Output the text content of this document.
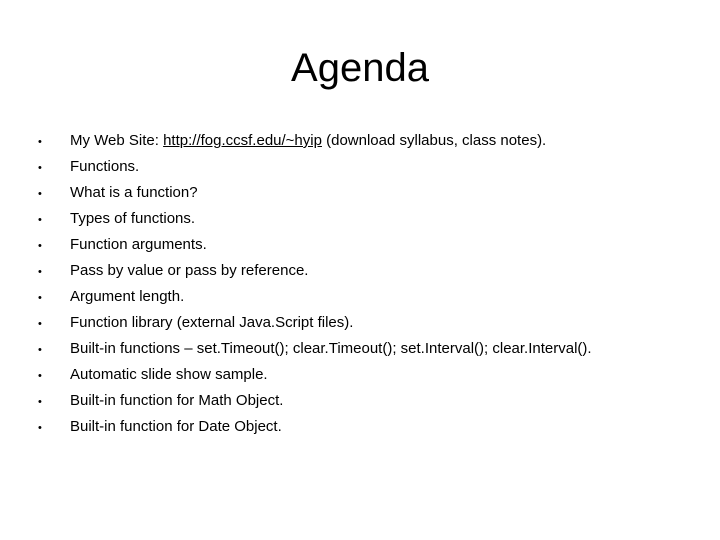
Agenda
•	My Web Site: http://fog.ccsf.edu/~hyip (download syllabus, class notes).
•	Functions.
•	What is a function?
•	Types of functions.
•	Function arguments.
•	Pass by value or pass by reference.
•	Argument length.
•	Function library (external Java.Script files).
•	Built-in functions – set.Timeout(); clear.Timeout(); set.Interval(); clear.Interval().
•	Automatic slide show sample.
•	Built-in function for Math Object.
•	Built-in function for Date Object.
